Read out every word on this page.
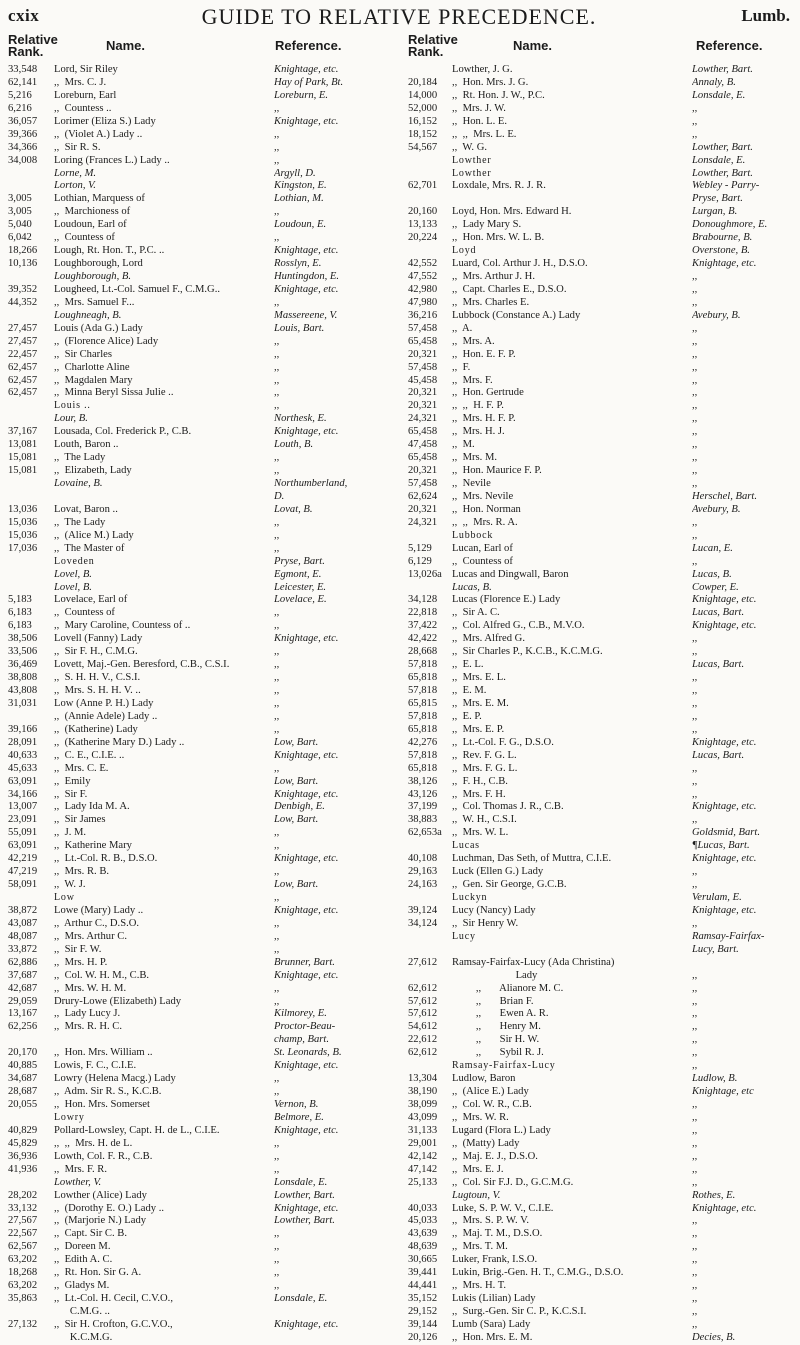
cxix	GUIDE TO RELATIVE PRECEDENCE.	Lumb.
Relative
Rank.	Name.	Reference.
33,548	Lord, Sir Riley	Knightage, etc.
62,141	,,  Mrs. C. J.	Hay of Park, Bt.
5,216	Loreburn, Earl	Loreburn, E.
6,216	,,  Countess ..	,,
36,057	Lorimer (Eliza S.) Lady	Knightage, etc.
39,366	,,  (Violet A.) Lady ..	,,
34,366	,,  Sir R. S.	,,
34,008	Loring (Frances L.) Lady ..	,,
Lorne, M.	Argyll, D.
Lorton, V.	Kingston, E.
3,005	Lothian, Marquess of	Lothian, M.
3,005	,,  Marchioness of	,,
5,040	Loudoun, Earl of	Loudoun, E.
6,042	,,  Countess of	,,
18,266	Lough, Rt. Hon. T., P.C. ..	Knightage, etc.
10,136	Loughborough, Lord	Rosslyn, E.
Loughborough, B.	Huntingdon, E.
39,352	Lougheed, Lt.-Col. Samuel F., C.M.G..	Knightage, etc.
44,352	,,  Mrs. Samuel F...	,,
Loughneagh, B.	Massereene, V.
27,457	Louis (Ada G.) Lady	Louis, Bart.
27,457	,,  (Florence Alice) Lady	,,
22,457	,,  Sir Charles	,,
62,457	,,  Charlotte Aline	,,
62,457	,,  Magdalen Mary	,,
62,457	,,  Minna Beryl Sissa Julie ..	,,
Louis ..	,,
Lour, B.	Northesk, E.
37,167	Lousada, Col. Frederick P., C.B.	Knightage, etc.
13,081	Louth, Baron ..	Louth, B.
15,081	,,  The Lady	,,
15,081	,,  Elizabeth, Lady	,,
Lovaine, B.	Northumberland,
D.
13,036	Lovat, Baron ..	Lovat, B.
15,036	,,  The Lady	,,
15,036	,,  (Alice M.) Lady	,,
17,036	,,  The Master of	,,
Loveden	Pryse, Bart.
Lovel, B.	Egmont, E.
Lovel, B.	Leicester, E.
5,183	Lovelace, Earl of	Lovelace, E.
6,183	,,  Countess of	,,
6,183	,,  Mary Caroline, Countess of ..	,,
38,506	Lovell (Fanny) Lady	Knightage, etc.
33,506	,,  Sir F. H., C.M.G.	,,
36,469	Lovett, Maj.-Gen. Beresford, C.B., C.S.I.	,,
38,808	,,  S. H. H. V., C.S.I.	,,
43,808	,,  Mrs. S. H. H. V. ..	,,
31,031	Low (Anne P. H.) Lady	,,
,,  (Annie Adele) Lady ..	,,
39,166	,,  (Katherine) Lady	,,
28,091	,,  (Katherine Mary D.) Lady ..	Low, Bart.
40,633	,,  C. E., C.I.E. ..	Knightage, etc.
45,633	,,  Mrs. C. E.	,,
63,091	,,  Emily	Low, Bart.
34,166	,,  Sir F.	Knightage, etc.
13,007	,,  Lady Ida M. A.	Denbigh, E.
23,091	,,  Sir James	Low, Bart.
55,091	,,  J. M.	,,
63,091	,,  Katherine Mary	,,
42,219	,,  Lt.-Col. R. B., D.S.O.	Knightage, etc.
47,219	,,  Mrs. R. B.	,,
58,091	,,  W. J.	Low, Bart.
Low	,,
38,872	Lowe (Mary) Lady ..	Knightage, etc.
43,087	,,  Arthur C., D.S.O.	,,
48,087	,,  Mrs. Arthur C.	,,
33,872	,,  Sir F. W.	,,
62,886	,,  Mrs. H. P.	Brunner, Bart.
37,687	,,  Col. W. H. M., C.B.	Knightage, etc.
42,687	,,  Mrs. W. H. M.	,,
29,059	Drury-Lowe (Elizabeth) Lady	,,
13,167	,,  Lady Lucy J.	Kilmorey, E.
62,256	,,  Mrs. R. H. C.	Proctor-Beau-
champ, Bart.
20,170	,,  Hon. Mrs. William ..	St. Leonards, B.
40,885	Lowis, F. C., C.I.E.	Knightage, etc.
34,687	Lowry (Helena Macg.) Lady	,,
28,687	,,  Adm. Sir R. S., K.C.B.	,,
20,055	,,  Hon. Mrs. Somerset	Vernon, B.
Lowry	Belmore, E.
40,829	Pollard-Lowsley, Capt. H. de L., C.I.E.	Knightage, etc.
45,829	,,  ,,  Mrs. H. de L.	,,
36,936	Lowth, Col. F. R., C.B.	,,
41,936	,,  Mrs. F. R.	,,
Lowther, V.	Lonsdale, E.
28,202	Lowther (Alice) Lady	Lowther, Bart.
33,132	,,  (Dorothy E. O.) Lady ..	Knightage, etc.
27,567	,,  (Marjorie N.) Lady	Lowther, Bart.
22,567	,,  Capt. Sir C. B.	,,
62,567	,,  Doreen M.	,,
63,202	,,  Edith A. C.	,,
18,268	,,  Rt. Hon. Sir G. A.	,,
63,202	,,  Gladys M.	,,
35,863	,,  Lt.-Col. H. Cecil, C.V.O.,	Lonsdale, E.
C.M.G. ..
27,132	,,  Sir H. Crofton, G.C.V.O.,	Knightage, etc.
K.C.M.G.
Relative
Rank.	Name.	Reference.
Lowther, J. G.	Lowther, Bart.
20,184	,,  Hon. Mrs. J. G.	Annaly, B.
14,000	,,  Rt. Hon. J. W., P.C.	Lonsdale, E.
52,000	,,  Mrs. J. W.	,,
16,152	,,  Hon. L. E.	,,
18,152	,,  ,,  Mrs. L. E.	,,
54,567	,,  W. G.	Lowther, Bart.
Lowther	Lonsdale, E.
Lowther	Lowther, Bart.
62,701	Loxdale, Mrs. R. J. R.	Webley - Parry-
Pryse, Bart.
20,160	Loyd, Hon. Mrs. Edward H.	Lurgan, B.
13,133	,,  Lady Mary S.	Donoughmore, E.
20,224	,,  Hon. Mrs. W. L. B.	Brabourne, B.
Loyd	Overstone, B.
42,552	Luard, Col. Arthur J. H., D.S.O.	Knightage, etc.
47,552	,,  Mrs. Arthur J. H.	,,
42,980	,,  Capt. Charles E., D.S.O.	,,
47,980	,,  Mrs. Charles E.	,,
36,216	Lubbock (Constance A.) Lady	Avebury, B.
57,458	,,  A.	,,
65,458	,,  Mrs. A.	,,
20,321	,,  Hon. E. F. P.	,,
57,458	,,  F.	,,
45,458	,,  Mrs. F.	,,
20,321	,,  Hon. Gertrude	,,
20,321	,,  ,,  H. F. P.	,,
24,321	,,  Mrs. H. F. P.	,,
65,458	,,  Mrs. H. J.	,,
47,458	,,  M.	,,
65,458	,,  Mrs. M.	,,
20,321	,,  Hon. Maurice F. P.	,,
57,458	,,  Nevile	,,
62,624	,,  Mrs. Nevile	Herschel, Bart.
20,321	,,  Hon. Norman	Avebury, B.
24,321	,,  ,,  Mrs. R. A.	,,
Lubbock	,,
5,129	Lucan, Earl of	Lucan, E.
6,129	,,  Countess of	,,
13,026a Lucas and Dingwall, Baron	Lucas, B.
Lucas, B.	Cowper, E.
34,128	Lucas (Florence E.) Lady	Knightage, etc.
22,818	,,  Sir A. C.	Lucas, Bart.
37,422	,,  Col. Alfred G., C.B., M.V.O.	Knightage, etc.
42,422	,,  Mrs. Alfred G.	,,
28,668	,,  Sir Charles P., K.C.B., K.C.M.G.	,,
57,818	,,  E. L.	Lucas, Bart.
65,818	,,  Mrs. E. L.	,,
57,818	,,  E. M.	,,
65,815	,,  Mrs. E. M.	,,
57,818	,,  E. P.	,,
65,818	,,  Mrs. E. P.	,,
42,276	,,  Lt.-Col. F. G., D.S.O.	Knightage, etc.
57,818	,,  Rev. F. G. L.	Lucas, Bart.
65,818	,,  Mrs. F. G. L.	,,
38,126	,,  F. H., C.B.	,,
43,126	,,  Mrs. F. H.	,,
37,199	,,  Col. Thomas J. R., C.B.	Knightage, etc.
38,883	,,  W. H., C.S.I.	,,
62,653a ,,  Mrs. W. L.	Goldsmid, Bart.
Lucas	¶Lucas, Bart.
40,108	Luchman, Das Seth, of Muttra, C.I.E.	Knightage, etc.
29,163	Luck (Ellen G.) Lady	,,
24,163	,,  Gen. Sir George, G.C.B.	,,
Luckyn	Verulam, E.
39,124	Lucy (Nancy) Lady	Knightage, etc.
34,124	,,  Sir Henry W.	,,
Lucy	Ramsay-Fairfax-
Lucy, Bart.
27,612	Ramsay-Fairfax-Lucy (Ada Christina)
Lady	,,
62,612	,,       Alianore M. C.	,,
57,612	,,       Brian F.	,,
57,612	,,       Ewen A. R.	,,
54,612	,,       Henry M.	,,
22,612	,,       Sir H. W.	,,
62,612	,,       Sybil R. J.	,,
Ramsay-Fairfax-Lucy	,,
13,304	Ludlow, Baron	Ludlow, B.
38,190	,,  (Alice E.) Lady	Knightage, etc
38,099	,,  Col. W. R., C.B.	,,
43,099	,,  Mrs. W. R.	,,
31,133	Lugard (Flora L.) Lady	,,
29,001	,,  (Matty) Lady	,,
42,142	,,  Maj. E. J., D.S.O.	,,
47,142	,,  Mrs. E. J.	,,
25,133	,,  Col. Sir F.J. D., G.C.M.G.	,,
Lugtoun, V.	Rothes, E.
40,033	Luke, S. P. W. V., C.I.E.	Knightage, etc.
45,033	,,  Mrs. S. P. W. V.	,,
43,639	,,  Maj. T. M., D.S.O.	,,
48,639	,,  Mrs. T. M.	,,
30,665	Luker, Frank, I.S.O.	,,
39,441	Lukin, Brig.-Gen. H. T., C.M.G., D.S.O.	,,
44,441	,,  Mrs. H. T.	,,
35,152	Lukis (Lilian) Lady	,,
29,152	,,  Surg.-Gen. Sir C. P., K.C.S.I.	,,
39,144	Lumb (Sara) Lady	,,
20,126	,,  Hon. Mrs. E. M.	Decies, B.
